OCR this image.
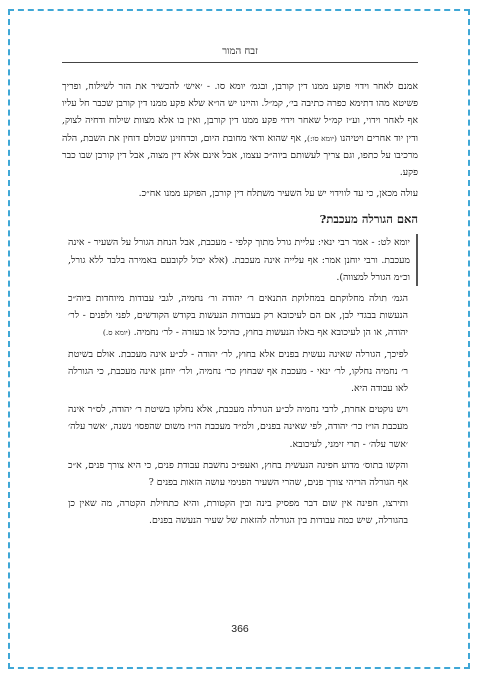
זבח המור

אמנם לאחר וידוי פוקע ממנו דין קורבן, ובגמ׳ יומא סו. - ׳איש׳ להכשיר את הזר לשילוח, ופריך פשיטא מהו דתימא כפרה כתיבה בי׳, קמ״ל. והיינו יש הו״א שלא פקע ממנו דין קורבן שכבר חל עליו אף לאחר וידוי, וע״ז קמ״ל שאחר וידוי פקע ממנו דין קורבן, ואין בו אלא מצוות שילוח ודחיה לצוק, ודין יוד אחרים ויטיהנו (יומא סו:), אף שהוא ודאי מחובת היום, וכדחזינן שכולם דוחין את השבת, הלה מרכיבו על כתפו, וגם צריך לעשותם ביוה״כ עצמו, אבל אינם אלא דין מצוה, אבל דין קורבן שבו כבר פקע.

עולה מכאן, כי עד לווידוי יש על השעיר משתלח דין קורבן, הפוקע ממנו אח״כ.

האם הגורלה מעכבת?

יומא לט: - אמר רבי ינאי: עליית גורל מתוך קלפי - מעכבת, אבל הנחת הגורל על השעיר - אינה מעכבת. ורבי יוחנן אמר: אף עלייה אינה מעכבת. (אלא יכול לקובעם באמירה בלבד ללא גורל, וכ״מ הגורל למצווה).

הגמ׳ תולה מחלוקתם במחלוקת התנאים ר׳ יהודה ור׳ נחמיה, לגבי עבודות מיוחדות ביוה״כ הנעשות בבגדי לבן, אם הם לעיכובא רק בעבודות הנעשות בקודש הקודשים, לפני ולפנים - לר׳ יהודה, או הן לעיכובא אף באלו הנעשות בחוץ, כהיכל או בעזרה - לר׳ נחמיה. (יומא ס.)

לפיכך, הגורלה שאינה נעשית בפנים אלא בחוץ, לר׳ יהודה - לכ״ע אינה מעכבת. אולם בשיטת ר׳ נחמיה נחלקו, לר׳ ינאי - מעכבת אף שבחוץ כר׳ נחמיה, ולר׳ יוחנן אינה מעכבת, כי הגורלה לאו עבודה היא.

ויש נוקטים אחרת, לרבי נחמיה לכ״ע הגורלה מעכבת, אלא נחלקו בשיטת ר׳ יהודה, לס״ר אינה מעכבת הו״ז כר׳ יהודה, לפי שאינה בפנים, ולמ״ד מעכבת הו״ז משום שהפסו׳ נשנה, ׳אשר עלה׳ ׳אשר עלה׳ - תרי זימני, לעיכובא.

והקשו בתוס׳ מדוע חפינה הנעשית בחוץ, ואעפ״כ נחשבת עבודת פנים, כי היא צורך פנים, א״כ אף הגורלה הריהי צורך פנים, שהרי השעיר הפנימי עושה הזאות בפנים ?

ותירצו, חפינה אין שום דבר מפסיק בינה ובין הקטורת, והיא כתחילת הקטרה, מה שאין כן בהגורלה, שיש כמה עבודות בין הגורלה להזאות של שעיר הנעשה בפנים.

366
